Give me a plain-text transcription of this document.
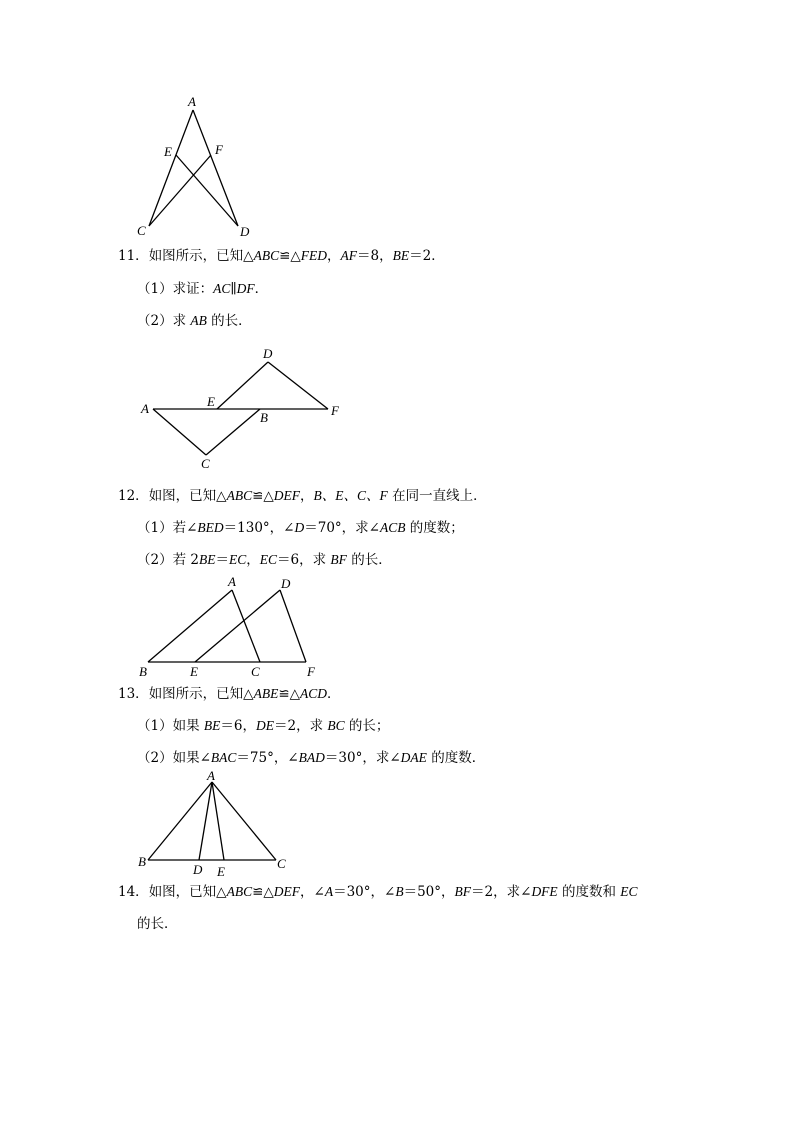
A
E	F
C	D
11．如图所示，已知△ABC≌△FED，AF＝8，BE＝2．
（1）求证：AC∥DF．
（2）求 AB 的长．
D
A	E
B	F
C
12．如图，已知△ABC≌△DEF，B、E、C、F 在同一直线上．
（1）若∠BED＝130°，∠D＝70°，求∠ACB 的度数；
（2）若 2BE＝EC，EC＝6，求 BF 的长．
A	D
B	E	C	F
13．如图所示，已知△ABE≌△ACD．
（1）如果 BE＝6，DE＝2，求 BC 的长；
（2）如果∠BAC＝75°，∠BAD＝30°，求∠DAE 的度数．
A
B
D E
C
14．如图，已知△ABC≌△DEF，∠A＝30°，∠B＝50°，BF＝2，求∠DFE 的度数和 EC
的长．
